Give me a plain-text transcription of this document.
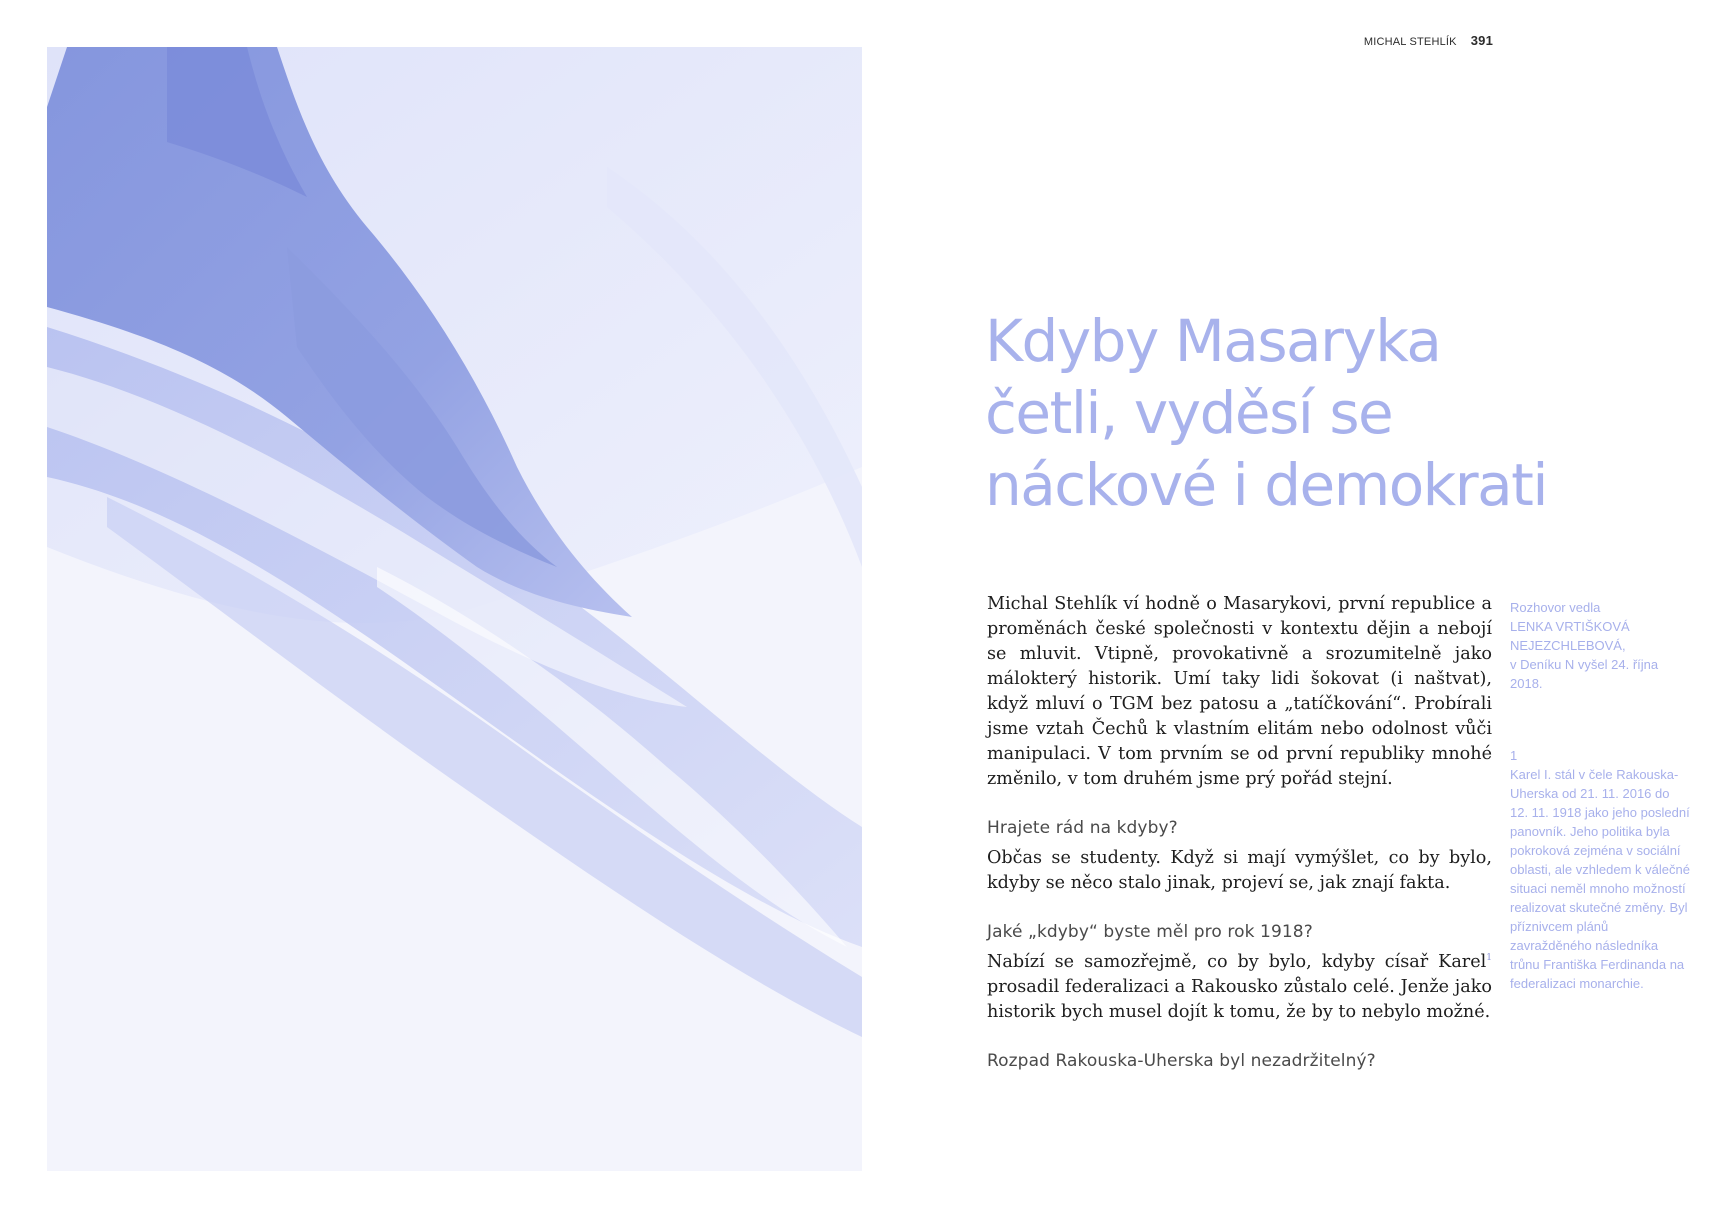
MICHAL STEHLÍK 391
Kdyby Masaryka
četli, vyděsí se
náckové i demokrati

Michal Stehlík ví hodně o Masarykovi, první republice a proměnách české společnosti v kontextu dějin a nebojí se mluvit. Vtipně, provokativně a srozumitelně jako málokterý historik. Umí taky lidi šokovat (i naštvat), když mluví o TGM bez patosu a „tatíčkování“. Probírali jsme vztah Čechů k vlastním elitám nebo odolnost vůči manipulaci. V tom prvním se od první republiky mnohé změnilo, v tom druhém jsme prý pořád stejní.

Hrajete rád na kdyby?

Občas se studenty. Když si mají vymýšlet, co by bylo, kdyby se něco stalo jinak, projeví se, jak znají fakta.

Jaké „kdyby“ byste měl pro rok 1918?

Nabízí se samozřejmě, co by bylo, kdyby císař Karel$^1$ prosadil federalizaci a Rakousko zůstalo celé. Jenže jako historik bych musel dojít k tomu, že by to nebylo možné.

Rozpad Rakouska-Uherska byl nezadržitelný?

Rozhovor vedla
LENKA VRTIŠKOVÁ NEJEZCHLEBOVÁ,
v Deníku N vyšel 24. října 2018.
1
Karel I. stál v čele Rakouska-Uherska od 21. 11. 2016 do 12. 11. 1918 jako jeho poslední panovník. Jeho politika byla pokroková zejména v sociální oblasti, ale vzhledem k válečné situaci neměl mnoho možností realizovat skutečné změny. Byl příznivcem plánů zavražděného následníka trůnu Františka Ferdinanda na federalizaci monarchie.
